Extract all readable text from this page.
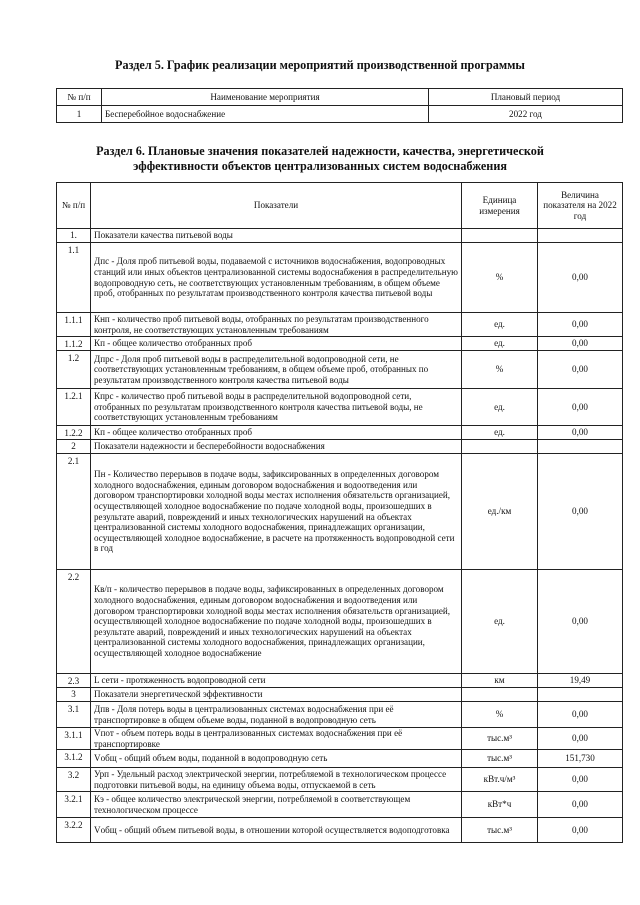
Раздел 5. График реализации мероприятий производственной программы
№ п/п	Наименование мероприятия	Плановый период
1	Бесперебойное водоснабжение	2022 год
Раздел 6. Плановые значения показателей надежности, качества, энергетической
эффективности объектов централизованных систем водоснабжения
№ п/п	Показатели	Единица измерения	Величина показателя на 2022 год
1.	Показатели качества питьевой воды		
1.1	Дпс - Доля проб питьевой воды, подаваемой с источников водоснабжения, водопроводных станций или иных объектов централизованной системы водоснабжения в распределительную водопроводную сеть, не соответствующих установленным требованиям, в общем объеме проб, отобранных по результатам производственного контроля качества питьевой воды	%	0,00
1.1.1	Кнп - количество проб питьевой воды, отобранных по результатам производственного контроля, не соответствующих установленным требованиям	ед.	0,00
1.1.2	Кп - общее количество отобранных проб	ед.	0,00
1.2	Дпрс - Доля проб питьевой воды в распределительной водопроводной сети, не соответствующих установленным требованиям, в общем объеме проб, отобранных по результатам производственного контроля качества питьевой воды	%	0,00
1.2.1	Кпрс - количество проб питьевой воды в распределительной водопроводной сети, отобранных по результатам производственного контроля качества питьевой воды, не соответствующих установленным требованиям	ед.	0,00
1.2.2	Кп - общее количество отобранных проб	ед.	0,00
2	Показатели надежности и бесперебойности водоснабжения		
2.1	Пн - Количество перерывов в подаче воды, зафиксированных в определенных договором холодного водоснабжения, единым договором водоснабжения и водоотведения или договором транспортировки холодной воды местах исполнения обязательств организацией, осуществляющей холодное водоснабжение по подаче холодной воды, произошедших в результате аварий, повреждений и иных технологических нарушений на объектах централизованной системы холодного водоснабжения, принадлежащих организации, осуществляющей холодное водоснабжение, в расчете на протяженность водопроводной сети в год	ед./км	0,00
2.2	Кв/п - количество перерывов в подаче воды, зафиксированных в определенных договором холодного водоснабжения, единым договором водоснабжения и водоотведения или договором транспортировки холодной воды местах исполнения обязательств организацией, осуществляющей холодное водоснабжение по подаче холодной воды, произошедших в результате аварий, повреждений и иных технологических нарушений на объектах централизованной системы холодного водоснабжения, принадлежащих организации, осуществляющей холодное водоснабжение	ед.	0,00
2.3	L сети - протяженность водопроводной сети	км	19,49
3	Показатели энергетической эффективности		
3.1	Дпв - Доля потерь воды в централизованных системах водоснабжения при её транспортировке в общем объеме воды, поданной в водопроводную сеть	%	0,00
3.1.1	Vпот - объем потерь воды в централизованных системах водоснабжения при её транспортировке	тыс.м³	0,00
3.1.2	Vобщ - общий объем воды, поданной в водопроводную сеть	тыс.м³	151,730
3.2	Урп - Удельный расход электрической энергии, потребляемой в технологическом процессе подготовки питьевой воды, на единицу объема воды, отпускаемой в сеть	кВт.ч/м³	0,00
3.2.1	Кэ - общее количество электрической энергии, потребляемой в соответствующем технологическом процессе	кВт*ч	0,00
3.2.2	Vобщ - общий объем питьевой воды, в отношении которой осуществляется водоподготовка	тыс.м³	0,00
